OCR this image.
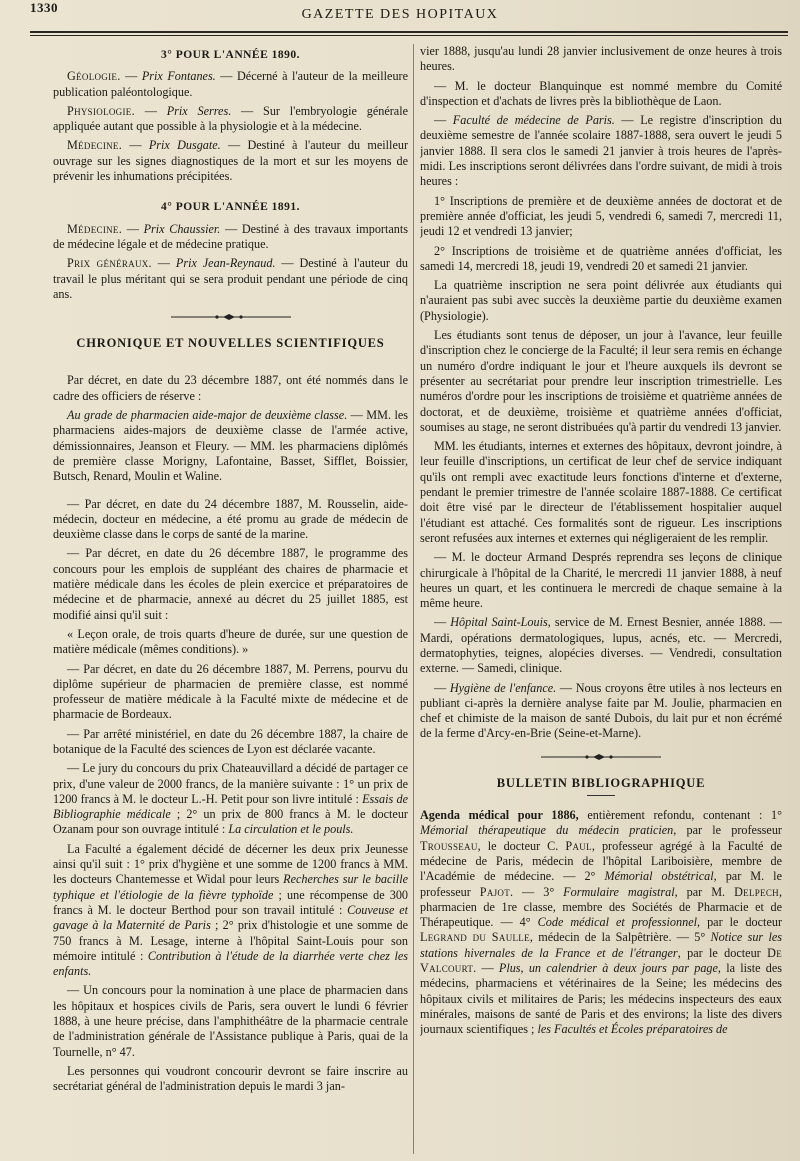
1330	GAZETTE DES HOPITAUX
3° POUR L'ANNÉE 1890.

Géologie. — Prix Fontanes. — Décerné à l'auteur de la meilleure publication paléontologique.

Physiologie. — Prix Serres. — Sur l'embryologie générale appliquée autant que possible à la physiologie et à la médecine.

Médecine. — Prix Dusgate. — Destiné à l'auteur du meilleur ouvrage sur les signes diagnostiques de la mort et sur les moyens de prévenir les inhumations précipitées.

4° POUR L'ANNÉE 1891.

Médecine. — Prix Chaussier. — Destiné à des travaux importants de médecine légale et de médecine pratique.

Prix généraux. — Prix Jean-Reynaud. — Destiné à l'auteur du travail le plus méritant qui se sera produit pendant une période de cinq ans.

CHRONIQUE ET NOUVELLES SCIENTIFIQUES

Par décret, en date du 23 décembre 1887, ont été nommés dans le cadre des officiers de réserve :

Au grade de pharmacien aide-major de deuxième classe. — MM. les pharmaciens aides-majors de deuxième classe de l'armée active, démissionnaires, Jeanson et Fleury. — MM. les pharmaciens diplômés de première classe Morigny, Lafontaine, Basset, Sifflet, Boissier, Butsch, Renard, Moulin et Waline.

— Par décret, en date du 24 décembre 1887, M. Rousselin, aide-médecin, docteur en médecine, a été promu au grade de médecin de deuxième classe dans le corps de santé de la marine.

— Par décret, en date du 26 décembre 1887, le programme des concours pour les emplois de suppléant des chaires de pharmacie et matière médicale dans les écoles de plein exercice et préparatoires de médecine et de pharmacie, annexé au décret du 25 juillet 1885, est modifié ainsi qu'il suit :

« Leçon orale, de trois quarts d'heure de durée, sur une question de matière médicale (mêmes conditions). »

— Par décret, en date du 26 décembre 1887, M. Perrens, pourvu du diplôme supérieur de pharmacien de première classe, est nommé professeur de matière médicale à la Faculté mixte de médecine et de pharmacie de Bordeaux.

— Par arrêté ministériel, en date du 26 décembre 1887, la chaire de botanique de la Faculté des sciences de Lyon est déclarée vacante.

— Le jury du concours du prix Chateauvillard a décidé de partager ce prix, d'une valeur de 2000 francs, de la manière suivante : 1° un prix de 1200 francs à M. le docteur L.-H. Petit pour son livre intitulé : Essais de Bibliographie médicale ; 2° un prix de 800 francs à M. le docteur Ozanam pour son ouvrage intitulé : La circulation et le pouls.

La Faculté a également décidé de décerner les deux prix Jeunesse ainsi qu'il suit : 1° prix d'hygiène et une somme de 1200 francs à MM. les docteurs Chantemesse et Widal pour leurs Recherches sur le bacille typhique et l'étiologie de la fièvre typhoïde ; une récompense de 300 francs à M. le docteur Berthod pour son travail intitulé : Couveuse et gavage à la Maternité de Paris ; 2° prix d'histologie et une somme de 750 francs à M. Lesage, interne à l'hôpital Saint-Louis pour son mémoire intitulé : Contribution à l'étude de la diarrhée verte chez les enfants.

— Un concours pour la nomination à une place de pharmacien dans les hôpitaux et hospices civils de Paris, sera ouvert le lundi 6 février 1888, à une heure précise, dans l'amphithéâtre de la pharmacie centrale de l'administration générale de l'Assistance publique à Paris, quai de la Tournelle, n° 47.

Les personnes qui voudront concourir devront se faire inscrire au secrétariat général de l'administration depuis le mardi 3 jan-

vier 1888, jusqu'au lundi 28 janvier inclusivement de onze heures à trois heures.

— M. le docteur Blanquinque est nommé membre du Comité d'inspection et d'achats de livres près la bibliothèque de Laon.

— Faculté de médecine de Paris. — Le registre d'inscription du deuxième semestre de l'année scolaire 1887-1888, sera ouvert le jeudi 5 janvier 1888. Il sera clos le samedi 21 janvier à trois heures de l'après-midi. Les inscriptions seront délivrées dans l'ordre suivant, de midi à trois heures :

1° Inscriptions de première et de deuxième années de doctorat et de première année d'officiat, les jeudi 5, vendredi 6, samedi 7, mercredi 11, jeudi 12 et vendredi 13 janvier;

2° Inscriptions de troisième et de quatrième années d'officiat, les samedi 14, mercredi 18, jeudi 19, vendredi 20 et samedi 21 janvier.

La quatrième inscription ne sera point délivrée aux étudiants qui n'auraient pas subi avec succès la deuxième partie du deuxième examen (Physiologie).

Les étudiants sont tenus de déposer, un jour à l'avance, leur feuille d'inscription chez le concierge de la Faculté; il leur sera remis en échange un numéro d'ordre indiquant le jour et l'heure auxquels ils devront se présenter au secrétariat pour prendre leur inscription trimestrielle. Les numéros d'ordre pour les inscriptions de troisième et quatrième années de doctorat, et de deuxième, troisième et quatrième années d'officiat, soumises au stage, ne seront distribuées qu'à partir du vendredi 13 janvier.

MM. les étudiants, internes et externes des hôpitaux, devront joindre, à leur feuille d'inscriptions, un certificat de leur chef de service indiquant qu'ils ont rempli avec exactitude leurs fonctions d'interne et d'externe, pendant le premier trimestre de l'année scolaire 1887-1888. Ce certificat doit être visé par le directeur de l'établissement hospitalier auquel l'étudiant est attaché. Ces formalités sont de rigueur. Les inscriptions seront refusées aux internes et externes qui négligeraient de les remplir.

— M. le docteur Armand Després reprendra ses leçons de clinique chirurgicale à l'hôpital de la Charité, le mercredi 11 janvier 1888, à neuf heures un quart, et les continuera le mercredi de chaque semaine à la même heure.

— Hôpital Saint-Louis, service de M. Ernest Besnier, année 1888. — Mardi, opérations dermatologiques, lupus, acnés, etc. — Mercredi, dermatophyties, teignes, alopécies diverses. — Vendredi, consultation externe. — Samedi, clinique.

— Hygiène de l'enfance. — Nous croyons être utiles à nos lecteurs en publiant ci-après la dernière analyse faite par M. Joulie, pharmacien en chef et chimiste de la maison de santé Dubois, du lait pur et non écrémé de la ferme d'Arcy-en-Brie (Seine-et-Marne).

BULLETIN BIBLIOGRAPHIQUE

Agenda médical pour 1886, entièrement refondu, contenant : 1° Mémorial thérapeutique du médecin praticien, par le professeur Trousseau, le docteur C. Paul, professeur agrégé à la Faculté de médecine de Paris, médecin de l'hôpital Lariboisière, membre de l'Académie de médecine. — 2° Mémorial obstétrical, par M. le professeur Pajot. — 3° Formulaire magistral, par M. Delpech, pharmacien de 1re classe, membre des Sociétés de Pharmacie et de Thérapeutique. — 4° Code médical et professionnel, par le docteur Legrand du Saulle, médecin de la Salpêtrière. — 5° Notice sur les stations hivernales de la France et de l'étranger, par le docteur De Valcourt. — Plus, un calendrier à deux jours par page, la liste des médecins, pharmaciens et vétérinaires de la Seine; les médecins des hôpitaux civils et militaires de Paris; les médecins inspecteurs des eaux minérales, maisons de santé de Paris et des environs; la liste des divers journaux scientifiques ; les Facultés et Écoles préparatoires de
